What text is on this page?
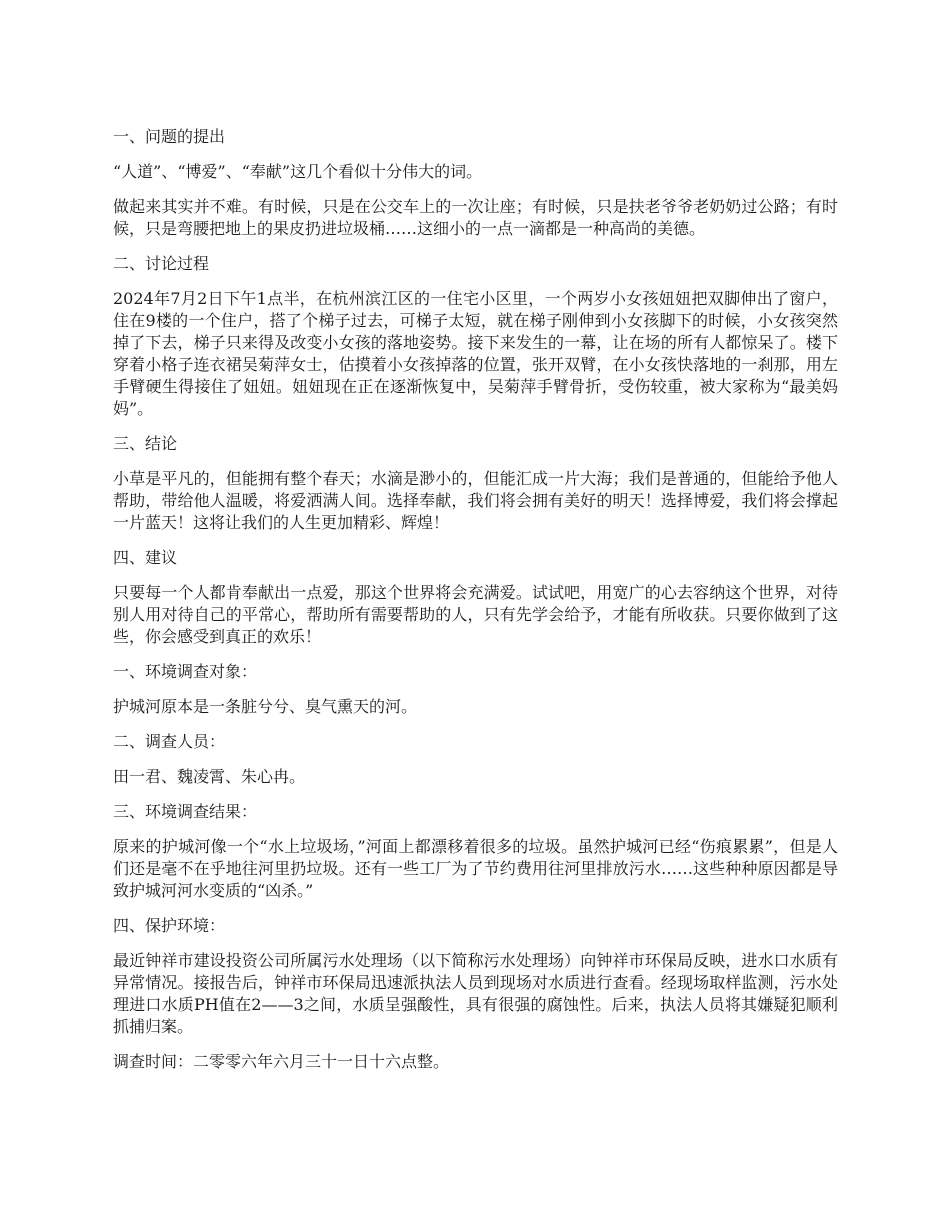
一、问题的提出

“人道”、“博爱”、“奉献”这几个看似十分伟大的词。

做起来其实并不难。有时候，只是在公交车上的一次让座；有时候，只是扶老爷爷老奶奶过公路；有时候，只是弯腰把地上的果皮扔进垃圾桶……这细小的一点一滴都是一种高尚的美德。

二、讨论过程

2024年7月2日下午1点半，在杭州滨江区的一住宅小区里，一个两岁小女孩妞妞把双脚伸出了窗户，住在9楼的一个住户，搭了个梯子过去，可梯子太短，就在梯子刚伸到小女孩脚下的时候，小女孩突然掉了下去，梯子只来得及改变小女孩的落地姿势。接下来发生的一幕，让在场的所有人都惊呆了。楼下穿着小格子连衣裙吴菊萍女士，估摸着小女孩掉落的位置，张开双臂，在小女孩快落地的一刹那，用左手臂硬生得接住了妞妞。妞妞现在正在逐渐恢复中，吴菊萍手臂骨折，受伤较重，被大家称为“最美妈妈”。

三、结论

小草是平凡的，但能拥有整个春天；水滴是渺小的，但能汇成一片大海；我们是普通的，但能给予他人帮助，带给他人温暖，将爱洒满人间。选择奉献，我们将会拥有美好的明天！选择博爱，我们将会撑起一片蓝天！这将让我们的人生更加精彩、辉煌！

四、建议

只要每一个人都肯奉献出一点爱，那这个世界将会充满爱。试试吧，用宽广的心去容纳这个世界，对待别人用对待自己的平常心，帮助所有需要帮助的人，只有先学会给予，才能有所收获。只要你做到了这些，你会感受到真正的欢乐！

一、环境调查对象：

护城河原本是一条脏兮兮、臭气熏天的河。

二、调查人员：

田一君、魏凌霄、朱心冉。

三、环境调查结果：

原来的护城河像一个“水上垃圾场，”河面上都漂移着很多的垃圾。虽然护城河已经“伤痕累累”，但是人们还是毫不在乎地往河里扔垃圾。还有一些工厂为了节约费用往河里排放污水……这些种种原因都是导致护城河河水变质的“凶杀。”

四、保护环境：

最近钟祥市建设投资公司所属污水处理场（以下简称污水处理场）向钟祥市环保局反映，进水口水质有异常情况。接报告后，钟祥市环保局迅速派执法人员到现场对水质进行查看。经现场取样监测，污水处理进口水质PH值在2——3之间，水质呈强酸性，具有很强的腐蚀性。后来，执法人员将其嫌疑犯顺利抓捕归案。

调查时间：二零零六年六月三十一日十六点整。
